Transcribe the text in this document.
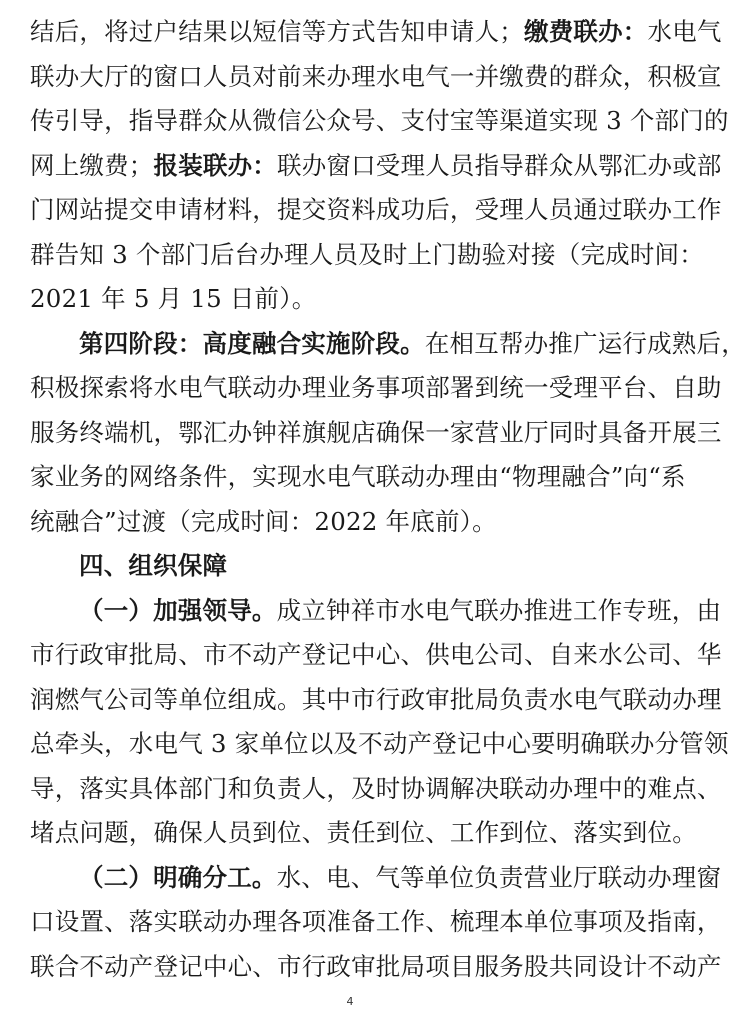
结后，将过户结果以短信等方式告知申请人；缴费联办：水电气
联办大厅的窗口人员对前来办理水电气一并缴费的群众，积极宣
传引导，指导群众从微信公众号、支付宝等渠道实现 3 个部门的
网上缴费；报装联办：联办窗口受理人员指导群众从鄂汇办或部
门网站提交申请材料，提交资料成功后，受理人员通过联办工作
群告知 3 个部门后台办理人员及时上门勘验对接（完成时间：
2021 年 5 月 15 日前）。
第四阶段：高度融合实施阶段。在相互帮办推广运行成熟后，
积极探索将水电气联动办理业务事项部署到统一受理平台、自助
服务终端机，鄂汇办钟祥旗舰店确保一家营业厅同时具备开展三
家业务的网络条件，实现水电气联动办理由“物理融合”向“系
统融合”过渡（完成时间：2022 年底前）。
四、组织保障
（一）加强领导。成立钟祥市水电气联办推进工作专班，由
市行政审批局、市不动产登记中心、供电公司、自来水公司、华
润燃气公司等单位组成。其中市行政审批局负责水电气联动办理
总牵头，水电气 3 家单位以及不动产登记中心要明确联办分管领
导，落实具体部门和负责人，及时协调解决联动办理中的难点、
堵点问题，确保人员到位、责任到位、工作到位、落实到位。
（二）明确分工。水、电、气等单位负责营业厅联动办理窗
口设置、落实联动办理各项准备工作、梳理本单位事项及指南，
联合不动产登记中心、市行政审批局项目服务股共同设计不动产
4
